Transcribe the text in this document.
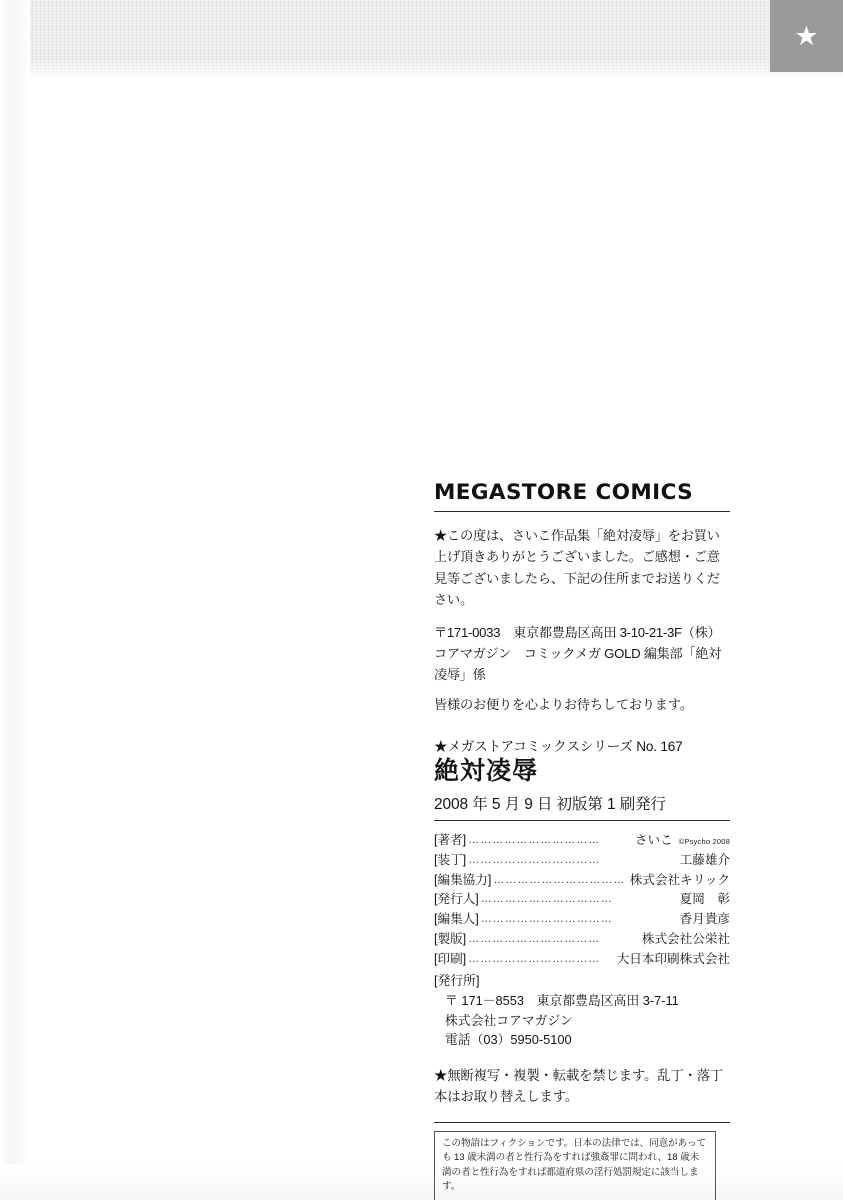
★
MEGASTORE COMICS
★この度は、さいこ作品集「絶対凌辱」をお買い上げ頂きありがとうございました。ご感想・ご意見等ございましたら、下記の住所までお送りください。
〒171-0033　東京都豊島区高田 3-10-21-3F（株）コアマガジン　コミックメガ GOLD 編集部「絶対凌辱」係
皆様のお便りを心よりお待ちしております。
★メガストアコミックスシリーズ No. 167
絶対凌辱
2008 年 5 月 9 日 初版第 1 刷発行
[著者] ……………………………	さいこ ©Psycho 2008
[装丁] ……………………………	工藤雄介
[編集協力] …………………………… 株式会社キリック
[発行人] ……………………………	夏岡　彰
[編集人] ……………………………	香月貴彦
[製版] ……………………………	株式会社公栄社
[印刷] ……………………………	大日本印刷株式会社
[発行所]
〒 171－8553　東京都豊島区高田 3-7-11
株式会社コアマガジン
電話（03）5950-5100
★無断複写・複製・転載を禁じます。乱丁・落丁本はお取り替えします。
この物語はフィクションです。日本の法律では、同意があっても 13 歳未満の者と性行為をすれば強姦罪に問われ、18 歳未満の者と性行為をすれば都道府県の淫行処罰規定に該当します。
